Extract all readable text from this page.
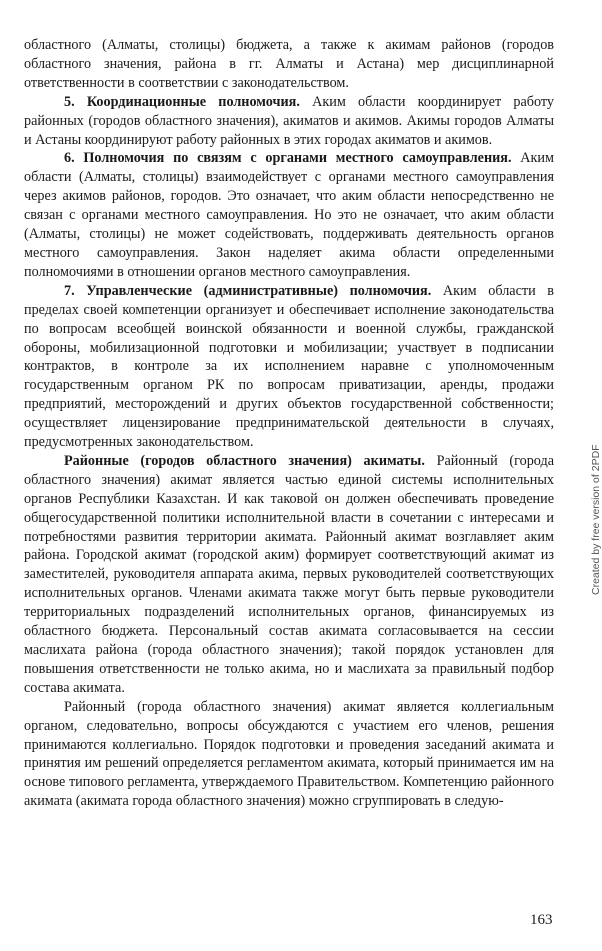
областного (Алматы, столицы) бюджета, а также к акимам районов (городов областного значения, района в гг. Алматы и Астана) мер дисциплинарной ответственности в соответствии с законодательством.

5. Координационные полномочия. Аким области координирует работу районных (городов областного значения), акиматов и акимов. Акимы городов Алматы и Астаны координируют работу районных в этих городах акиматов и акимов.

6. Полномочия по связям с органами местного самоуправления. Аким области (Алматы, столицы) взаимодействует с органами местного самоуправления через акимов районов, городов. Это означает, что аким области непосредственно не связан с органами местного самоуправления. Но это не означает, что аким области (Алматы, столицы) не может содействовать, поддерживать деятельность органов местного самоуправления. Закон наделяет акима области определенными полномочиями в отношении органов местного самоуправления.

7. Управленческие (административные) полномочия. Аким области в пределах своей компетенции организует и обеспечивает исполнение законодательства по вопросам всеобщей воинской обязанности и военной службы, гражданской обороны, мобилизационной подготовки и мобилизации; участвует в подписании контрактов, в контроле за их исполнением наравне с уполномоченным государственным органом РК по вопросам приватизации, аренды, продажи предприятий, месторождений и других объектов государственной собственности; осуществляет лицензирование предпринимательской деятельности в случаях, предусмотренных законодательством.

Районные (городов областного значения) акиматы. Районный (города областного значения) акимат является частью единой системы исполнительных органов Республики Казахстан. И как таковой он должен обеспечивать проведение общегосударственной политики исполнительной власти в сочетании с интересами и потребностями развития территории акимата. Районный акимат возглавляет аким района. Городской акимат (городской аким) формирует соответствующий акимат из заместителей, руководителя аппарата акима, первых руководителей соответствующих исполнительных органов. Членами акимата также могут быть первые руководители территориальных подразделений исполнительных органов, финансируемых из областного бюджета. Персональный состав акимата согласовывается на сессии маслихата района (города областного значения); такой порядок установлен для повышения ответственности не только акима, но и маслихата за правильный подбор состава акимата.

Районный (города областного значения) акимат является коллегиальным органом, следовательно, вопросы обсуждаются с участием его членов, решения принимаются коллегиально. Порядок подготовки и проведения заседаний акимата и принятия им решений определяется регламентом акимата, который принимается им на основе типового регламента, утверждаемого Правительством. Компетенцию районного акимата (акимата города областного значения) можно сгруппировать в следую-

Created by free version of 2PDF
163
